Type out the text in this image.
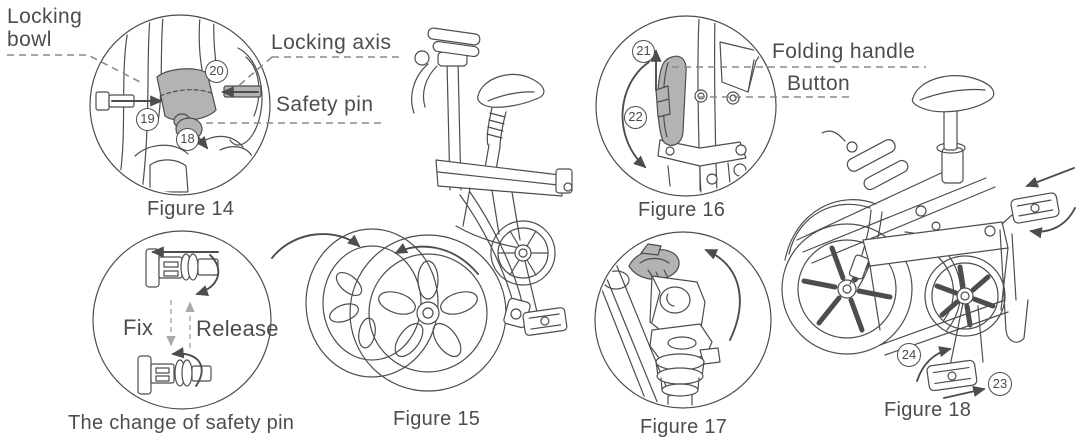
Locking bowl	Locking axis
Safety pin
Figure 14
Fix Release
The change of safety pin	Figure 15
Folding handle
Button
Figure 16
Figure 17
Figure 18
18
19
20
21
22
24
23
